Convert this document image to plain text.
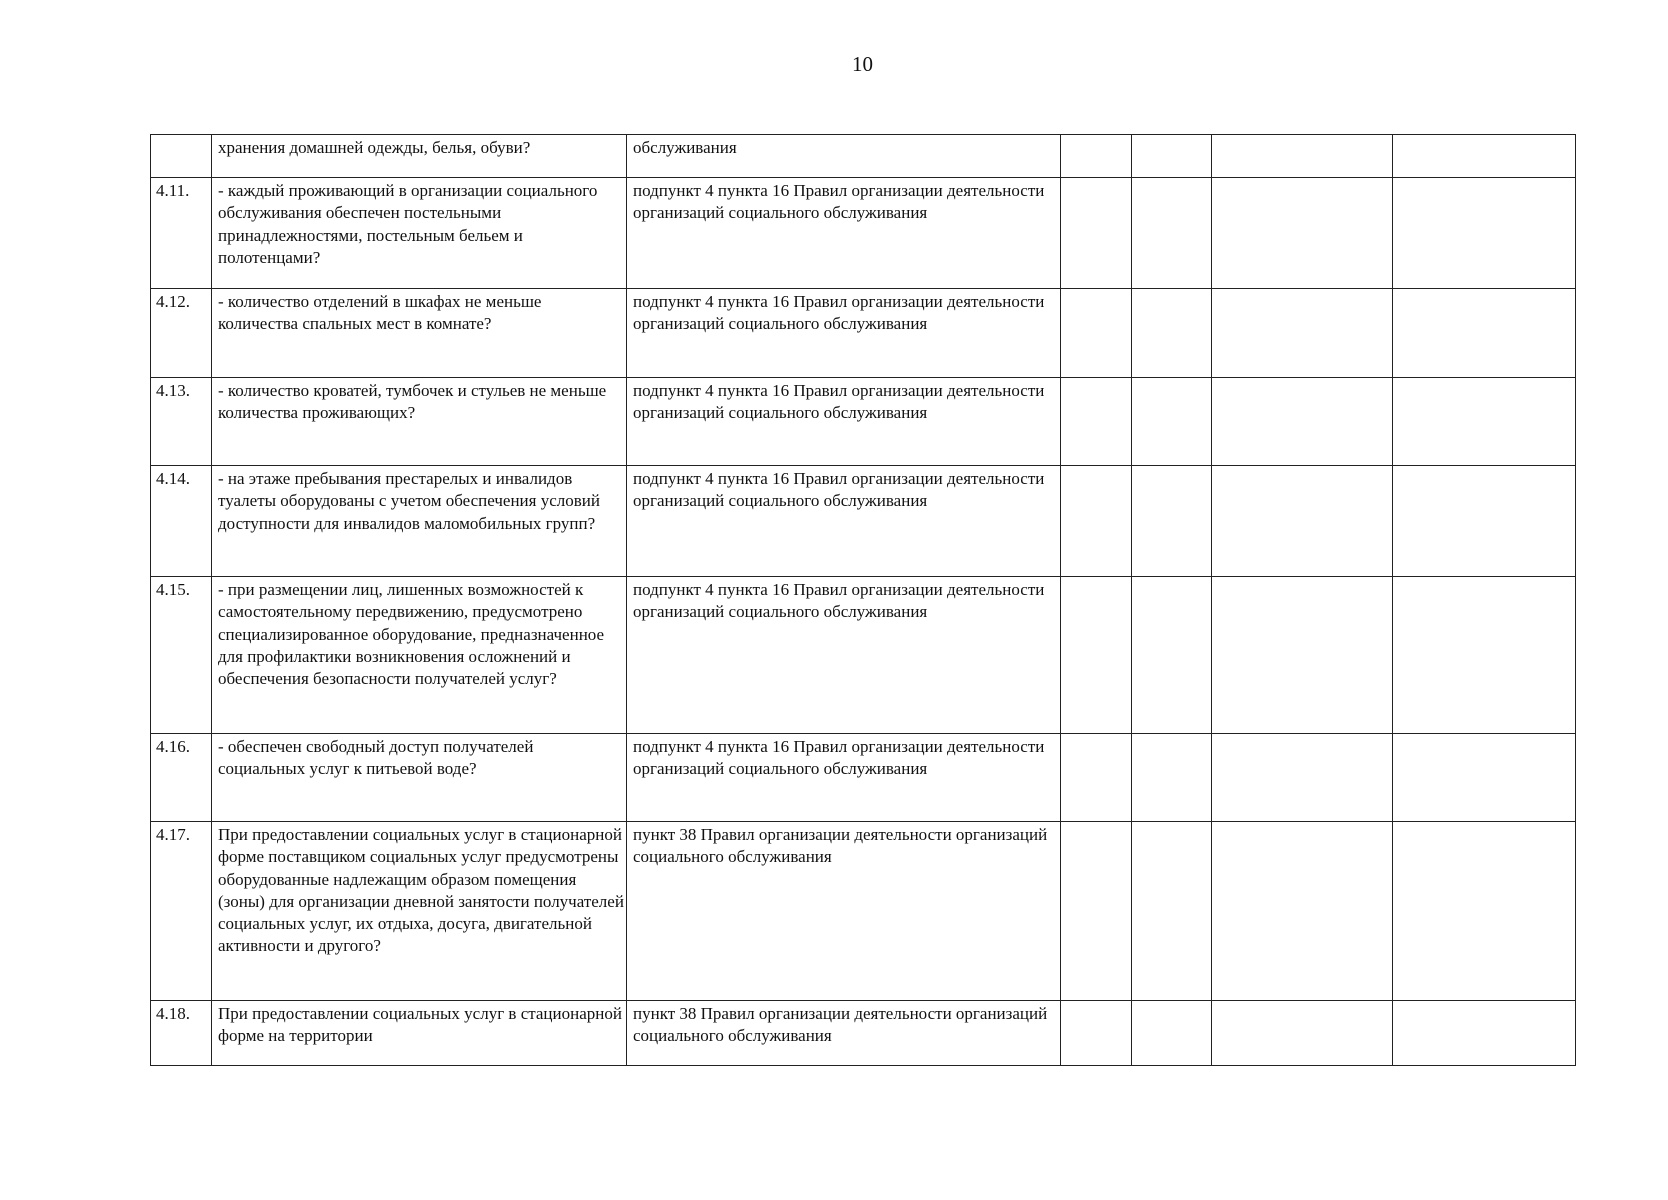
10
	хранения домашней одежды, белья, обуви?	обслуживания				
4.11.	- каждый проживающий в организации социального обслуживания обеспечен постельными принадлежностями, постельным бельем и полотенцами?	подпункт 4 пункта 16 Правил организации деятельности организаций социального обслуживания				
4.12.	- количество отделений в шкафах не меньше количества спальных мест в комнате?	подпункт 4 пункта 16 Правил организации деятельности организаций социального обслуживания				
4.13.	- количество кроватей, тумбочек и стульев не меньше количества проживающих?	подпункт 4 пункта 16 Правил организации деятельности организаций социального обслуживания				
4.14.	- на этаже пребывания престарелых и инвалидов туалеты оборудованы с учетом обеспечения условий доступности для инвалидов маломобильных групп?	подпункт 4 пункта 16 Правил организации деятельности организаций социального обслуживания				
4.15.	- при размещении лиц, лишенных возможностей к самостоятельному передвижению, предусмотрено специализированное оборудование, предназначенное для профилактики возникновения осложнений и обеспечения безопасности получателей услуг?	подпункт 4 пункта 16 Правил организации деятельности организаций социального обслуживания				
4.16.	- обеспечен свободный доступ получателей социальных услуг к питьевой воде?	подпункт 4 пункта 16 Правил организации деятельности организаций социального обслуживания				
4.17.	При предоставлении социальных услуг в стационарной форме поставщиком социальных услуг предусмотрены оборудованные надлежащим образом помещения (зоны) для организации дневной занятости получателей социальных услуг, их отдыха, досуга, двигательной активности и другого?	пункт 38 Правил организации деятельности организаций социального обслуживания				
4.18.	При предоставлении социальных услуг в стационарной форме на территории	пункт 38 Правил организации деятельности организаций социального обслуживания				
